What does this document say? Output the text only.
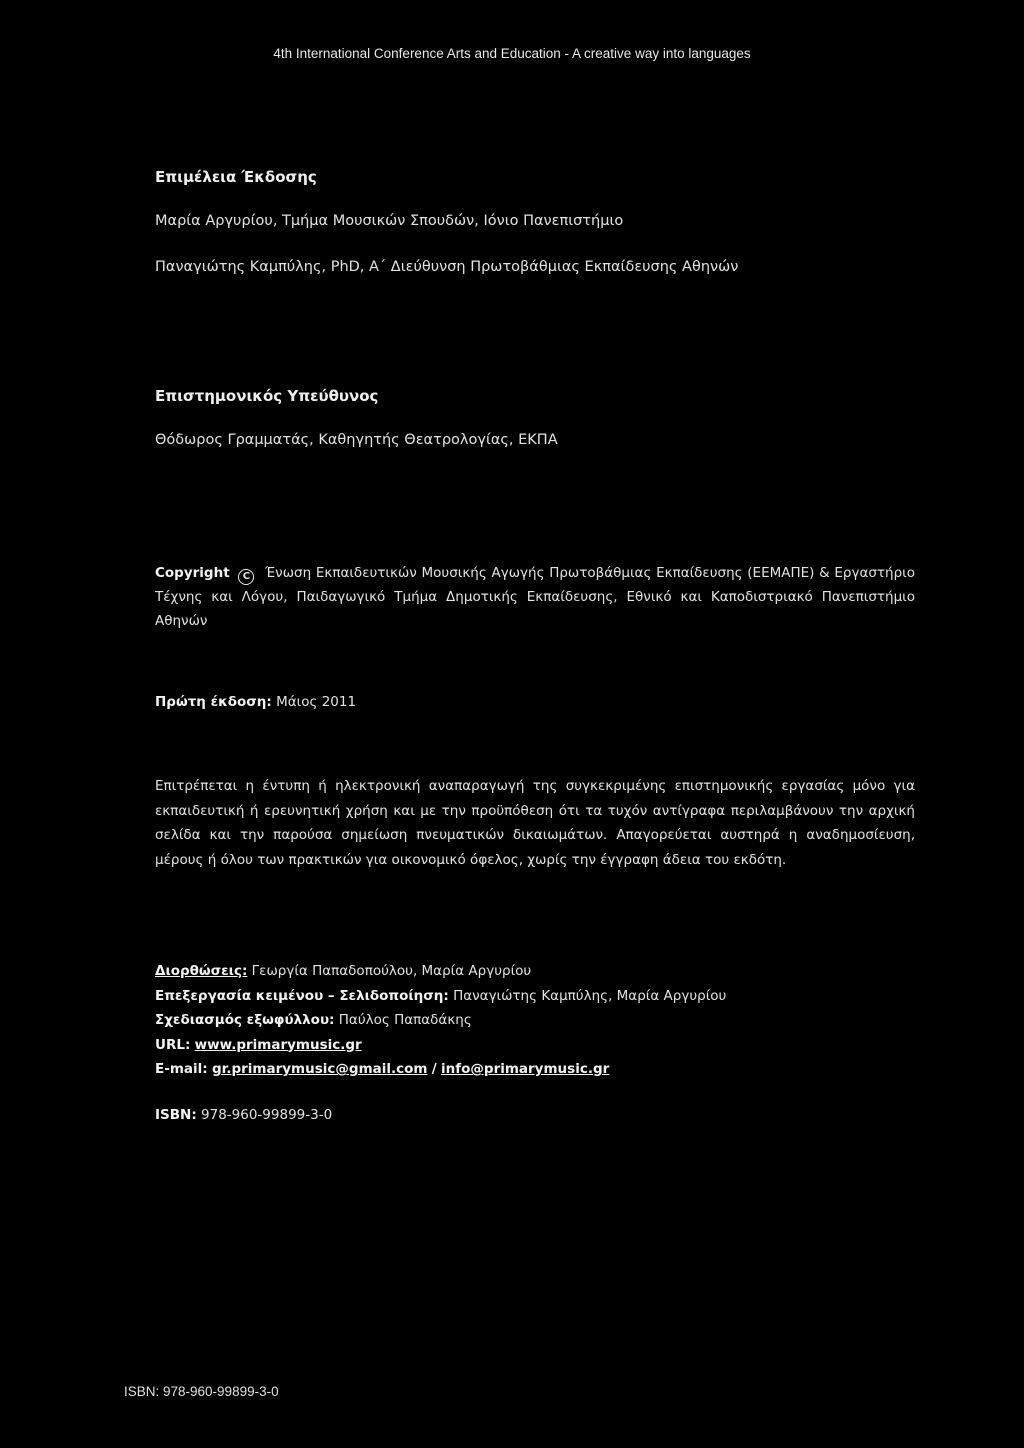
4th International Conference Arts and Education - A creative way into languages

Επιμέλεια Έκδοσης

Μαρία Αργυρίου, Τμήμα Μουσικών Σπουδών, Ιόνιο Πανεπιστήμιο

Παναγιώτης Καμπύλης, PhD, Α΄ Διεύθυνση Πρωτοβάθμιας Εκπαίδευσης Αθηνών

Επιστημονικός Υπεύθυνος

Θόδωρος Γραμματάς, Καθηγητής Θεατρολογίας, ΕΚΠΑ

Copyright C Ένωση Εκπαιδευτικών Μουσικής Αγωγής Πρωτοβάθμιας Εκπαίδευσης (ΕΕΜΑΠΕ) & Εργαστήριο Τέχνης και Λόγου, Παιδαγωγικό Τμήμα Δημοτικής Εκπαίδευσης, Εθνικό και Καποδιστριακό Πανεπιστήμιο Αθηνών

Πρώτη έκδοση: Μάιος 2011

Επιτρέπεται η έντυπη ή ηλεκτρονική αναπαραγωγή της συγκεκριμένης επιστημονικής εργασίας μόνο για εκπαιδευτική ή ερευνητική χρήση και με την προϋπόθεση ότι τα τυχόν αντίγραφα περιλαμβάνουν την αρχική σελίδα και την παρούσα σημείωση πνευματικών δικαιωμάτων. Απαγορεύεται αυστηρά η αναδημοσίευση, μέρους ή όλου των πρακτικών για οικονομικό όφελος, χωρίς την έγγραφη άδεια του εκδότη.

Διορθώσεις: Γεωργία Παπαδοπούλου, Μαρία Αργυρίου
Επεξεργασία κειμένου – Σελιδοποίηση: Παναγιώτης Καμπύλης, Μαρία Αργυρίου
Σχεδιασμός εξωφύλλου: Παύλος Παπαδάκης
URL: www.primarymusic.gr
E-mail: gr.primarymusic@gmail.com / info@primarymusic.gr

ISBN: 978-960-99899-3-0

ISBN: 978-960-99899-3-0
